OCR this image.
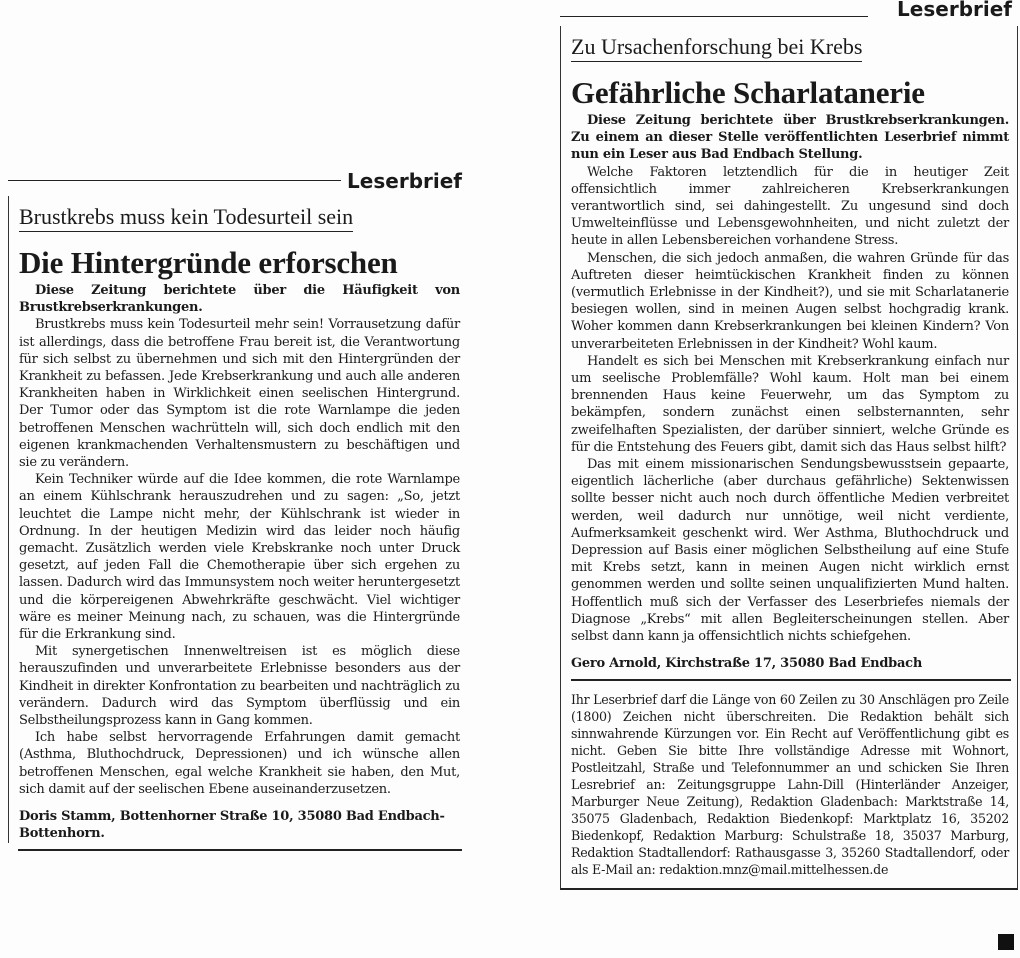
Leserbrief
Brustkrebs muss kein Todesurteil sein
Die Hintergründe erforschen

Diese Zeitung berichtete über die Häufigkeit von Brustkrebserkrankungen.

Brustkrebs muss kein Todesurteil mehr sein! Vorrausetzung dafür ist allerdings, dass die betroffene Frau bereit ist, die Verantwortung für sich selbst zu übernehmen und sich mit den Hintergründen der Krankheit zu befassen. Jede Krebserkrankung und auch alle anderen Krankheiten haben in Wirklichkeit einen seelischen Hintergrund. Der Tumor oder das Symptom ist die rote Warnlampe die jeden betroffenen Menschen wachrütteln will, sich doch endlich mit den eigenen krankmachenden Verhaltensmustern zu beschäftigen und sie zu verändern.

Kein Techniker würde auf die Idee kommen, die rote Warnlampe an einem Kühlschrank herauszudrehen und zu sagen: „So, jetzt leuchtet die Lampe nicht mehr, der Kühlschrank ist wieder in Ordnung. In der heutigen Medizin wird das leider noch häufig gemacht. Zusätzlich werden viele Krebskranke noch unter Druck gesetzt, auf jeden Fall die Chemotherapie über sich ergehen zu lassen. Dadurch wird das Immunsystem noch weiter heruntergesetzt und die körpereigenen Abwehrkräfte geschwächt. Viel wichtiger wäre es meiner Meinung nach, zu schauen, was die Hintergründe für die Erkrankung sind.

Mit synergetischen Innenweltreisen ist es möglich diese herauszufinden und unverarbeitete Erlebnisse besonders aus der Kindheit in direkter Konfrontation zu bearbeiten und nachträglich zu verändern. Dadurch wird das Symptom überflüssig und ein Selbstheilungsprozess kann in Gang kommen.

Ich habe selbst hervorragende Erfahrungen damit gemacht (Asthma, Bluthochdruck, Depressionen) und ich wünsche allen betroffenen Menschen, egal welche Krankheit sie haben, den Mut, sich damit auf der seelischen Ebene auseinanderzusetzen.

Doris Stamm, Bottenhorner Straße 10, 35080 Bad Endbach-Bottenhorn.

Leserbrief
Zu Ursachenforschung bei Krebs
Gefährliche Scharlatanerie

Diese Zeitung berichtete über Brustkrebserkrankungen. Zu einem an dieser Stelle veröffentlichten Leserbrief nimmt nun ein Leser aus Bad Endbach Stellung.

Welche Faktoren letztendlich für die in heutiger Zeit offensichtlich immer zahlreicheren Krebserkrankungen verantwortlich sind, sei dahingestellt. Zu ungesund sind doch Umwelteinflüsse und Lebensgewohnheiten, und nicht zuletzt der heute in allen Lebensbereichen vorhandene Stress.

Menschen, die sich jedoch anmaßen, die wahren Gründe für das Auftreten dieser heimtückischen Krankheit finden zu können (vermutlich Erlebnisse in der Kindheit?), und sie mit Scharlatanerie besiegen wollen, sind in meinen Augen selbst hochgradig krank. Woher kommen dann Krebserkrankungen bei kleinen Kindern? Von unverarbeiteten Erlebnissen in der Kindheit? Wohl kaum.

Handelt es sich bei Menschen mit Krebserkrankung einfach nur um seelische Problemfälle? Wohl kaum. Holt man bei einem brennenden Haus keine Feuerwehr, um das Symptom zu bekämpfen, sondern zunächst einen selbsternannten, sehr zweifelhaften Spezialisten, der darüber sinniert, welche Gründe es für die Entstehung des Feuers gibt, damit sich das Haus selbst hilft?

Das mit einem missionarischen Sendungsbewusstsein gepaarte, eigentlich lächerliche (aber durchaus gefährliche) Sektenwissen sollte besser nicht auch noch durch öffentliche Medien verbreitet werden, weil dadurch nur unnötige, weil nicht verdiente, Aufmerksamkeit geschenkt wird. Wer Asthma, Bluthochdruck und Depression auf Basis einer möglichen Selbstheilung auf eine Stufe mit Krebs setzt, kann in meinen Augen nicht wirklich ernst genommen werden und sollte seinen unqualifizierten Mund halten. Hoffentlich muß sich der Verfasser des Leserbriefes niemals der Diagnose „Krebs“ mit allen Begleiterscheinungen stellen. Aber selbst dann kann ja offensichtlich nichts schiefgehen.

Gero Arnold, Kirchstraße 17, 35080 Bad Endbach

Ihr Leserbrief darf die Länge von 60 Zeilen zu 30 Anschlägen pro Zeile (1800) Zeichen nicht überschreiten. Die Redaktion behält sich sinnwahrende Kürzungen vor. Ein Recht auf Veröffentlichung gibt es nicht. Geben Sie bitte Ihre vollständige Adresse mit Wohnort, Postleitzahl, Straße und Telefonnummer an und schicken Sie Ihren Lesrebrief an: Zeitungsgruppe Lahn-Dill (Hinterländer Anzeiger, Marburger Neue Zeitung), Redaktion Gladenbach: Marktstraße 14, 35075 Gladenbach, Redaktion Biedenkopf: Marktplatz 16, 35202 Biedenkopf, Redaktion Marburg: Schulstraße 18, 35037 Marburg, Redaktion Stadtallendorf: Rathausgasse 3, 35260 Stadtallendorf, oder als E-Mail an: redaktion.mnz@mail.mittelhessen.de
